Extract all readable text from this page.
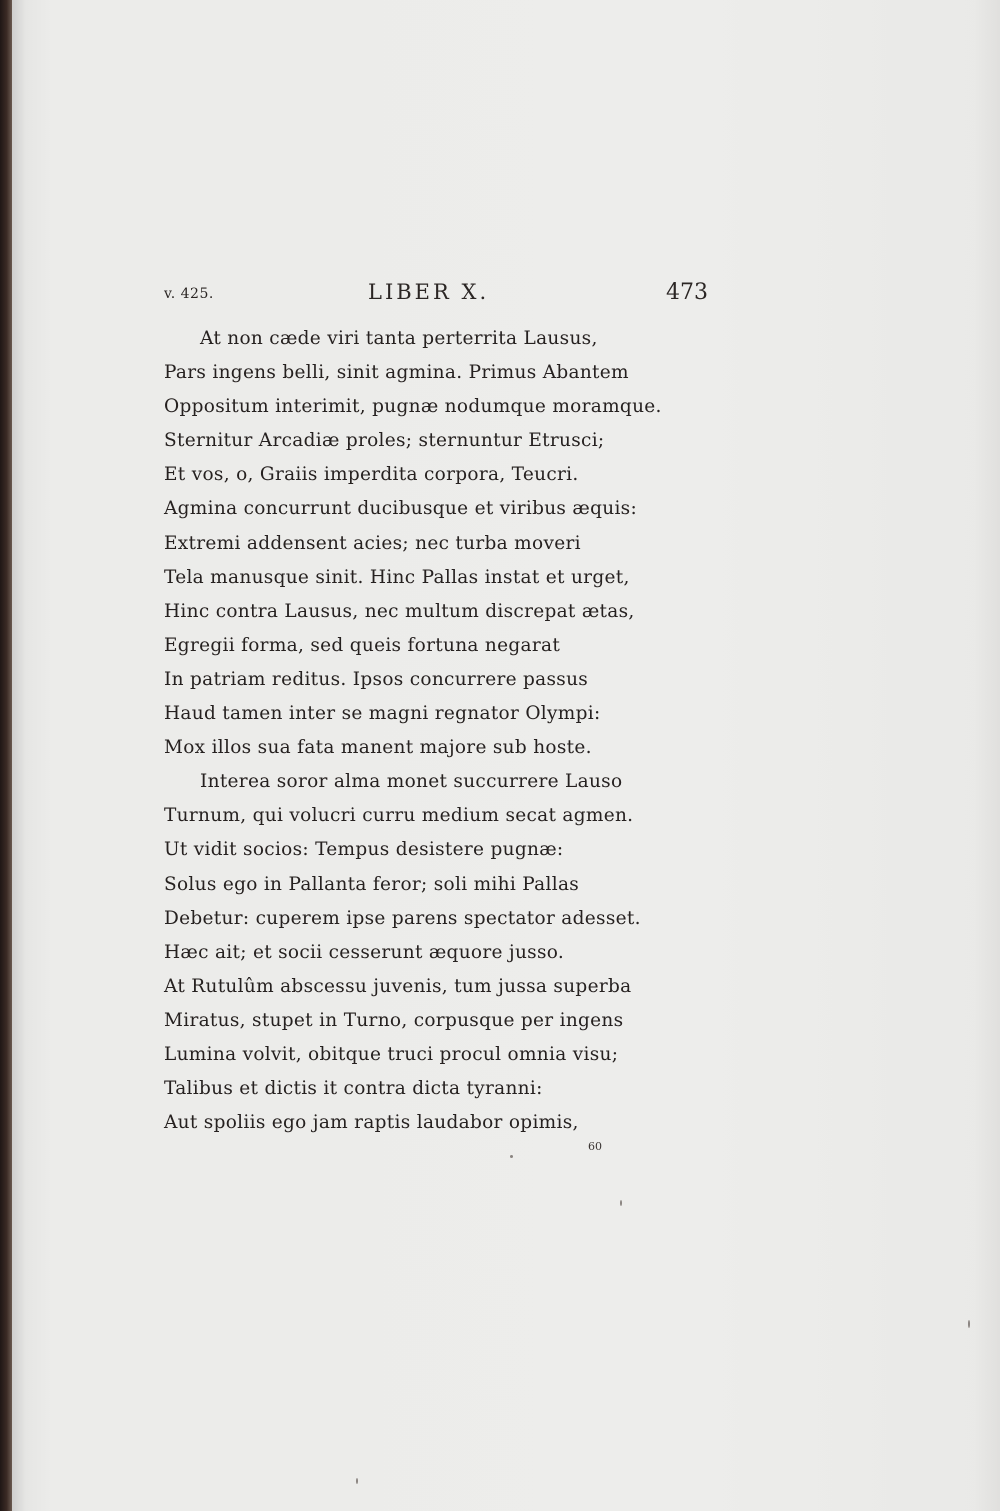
v. 425.	LIBER X.	473
At non cæde viri tanta perterrita Lausus,
Pars ingens belli, sinit agmina. Primus Abantem
Oppositum interimit, pugnæ nodumque moramque.
Sternitur Arcadiæ proles; sternuntur Etrusci;
Et vos, o, Graiis imperdita corpora, Teucri.
Agmina concurrunt ducibusque et viribus æquis:
Extremi addensent acies; nec turba moveri
Tela manusque sinit. Hinc Pallas instat et urget,
Hinc contra Lausus, nec multum discrepat ætas,
Egregii forma, sed queis fortuna negarat
In patriam reditus. Ipsos concurrere passus
Haud tamen inter se magni regnator Olympi:
Mox illos sua fata manent majore sub hoste.
Interea soror alma monet succurrere Lauso
Turnum, qui volucri curru medium secat agmen.
Ut vidit socios: Tempus desistere pugnæ:
Solus ego in Pallanta feror; soli mihi Pallas
Debetur: cuperem ipse parens spectator adesset.
Hæc ait; et socii cesserunt æquore jusso.
At Rutulûm abscessu juvenis, tum jussa superba
Miratus, stupet in Turno, corpusque per ingens
Lumina volvit, obitque truci procul omnia visu;
Talibus et dictis it contra dicta tyranni:
Aut spoliis ego jam raptis laudabor opimis,
60
